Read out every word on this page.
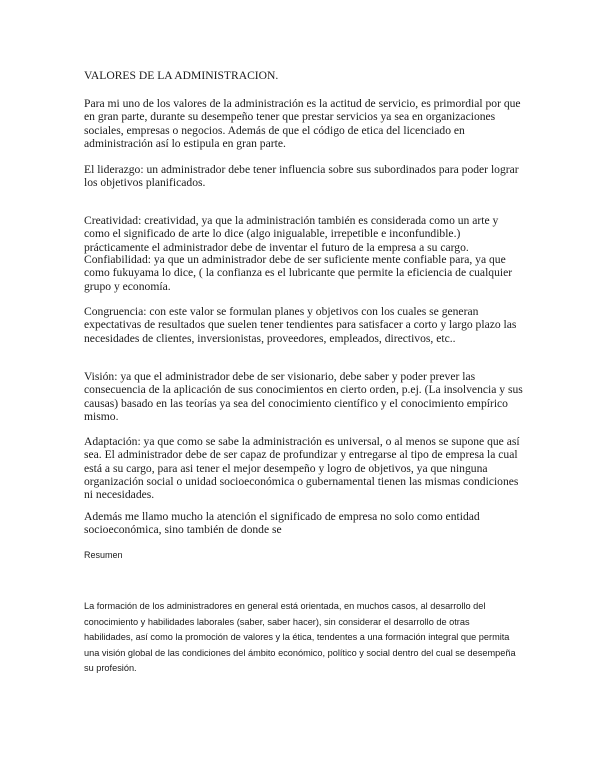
VALORES DE LA ADMINISTRACION.

Para mi uno de los valores de la administración es la actitud de servicio, es primordial por que en gran parte, durante su desempeño tener que prestar servicios ya sea en organizaciones sociales, empresas o negocios. Además de que el código de etica del licenciado en administración así lo estipula en gran parte.

El liderazgo: un administrador debe tener influencia sobre sus subordinados para poder lograr los objetivos planificados.

Creatividad: creatividad, ya que la administración también es considerada como un arte y como el significado de arte lo dice (algo inigualable, irrepetible e inconfundible.) prácticamente el administrador debe de inventar el futuro de la empresa a su cargo.

Confiabilidad: ya que un administrador debe de ser suficiente mente confiable para, ya que como fukuyama lo dice, ( la confianza es el lubricante que permite la eficiencia de cualquier grupo y economía.

Congruencia: con este valor se formulan planes y objetivos con los cuales se generan expectativas de resultados que suelen tener tendientes para satisfacer a corto y largo plazo las necesidades de clientes, inversionistas, proveedores, empleados, directivos, etc..

Visión: ya que el administrador debe de ser visionario, debe saber y poder prever las consecuencia de la aplicación de sus conocimientos en cierto orden, p.ej. (La insolvencia y sus causas) basado en las teorías ya sea del conocimiento científico y el conocimiento empírico mismo.

Adaptación: ya que como se sabe la administración es universal, o al menos se supone que así sea. El administrador debe de ser capaz de profundizar y entregarse al tipo de empresa la cual está a su cargo, para asi tener el mejor desempeño y logro de objetivos, ya que ninguna organización social o unidad socioeconómica o gubernamental tienen las mismas condiciones ni necesidades.

Además me llamo mucho la atención el significado de empresa no solo como entidad socioeconómica, sino también de donde se

Resumen

La formación de los administradores en general está orientada, en muchos casos, al desarrollo del conocimiento y habilidades laborales (saber, saber hacer), sin considerar el desarrollo de otras habilidades, así como la promoción de valores y la ética, tendentes a una formación integral que permita una visión global de las condiciones del ámbito económico, político y social dentro del cual se desempeña su profesión.
